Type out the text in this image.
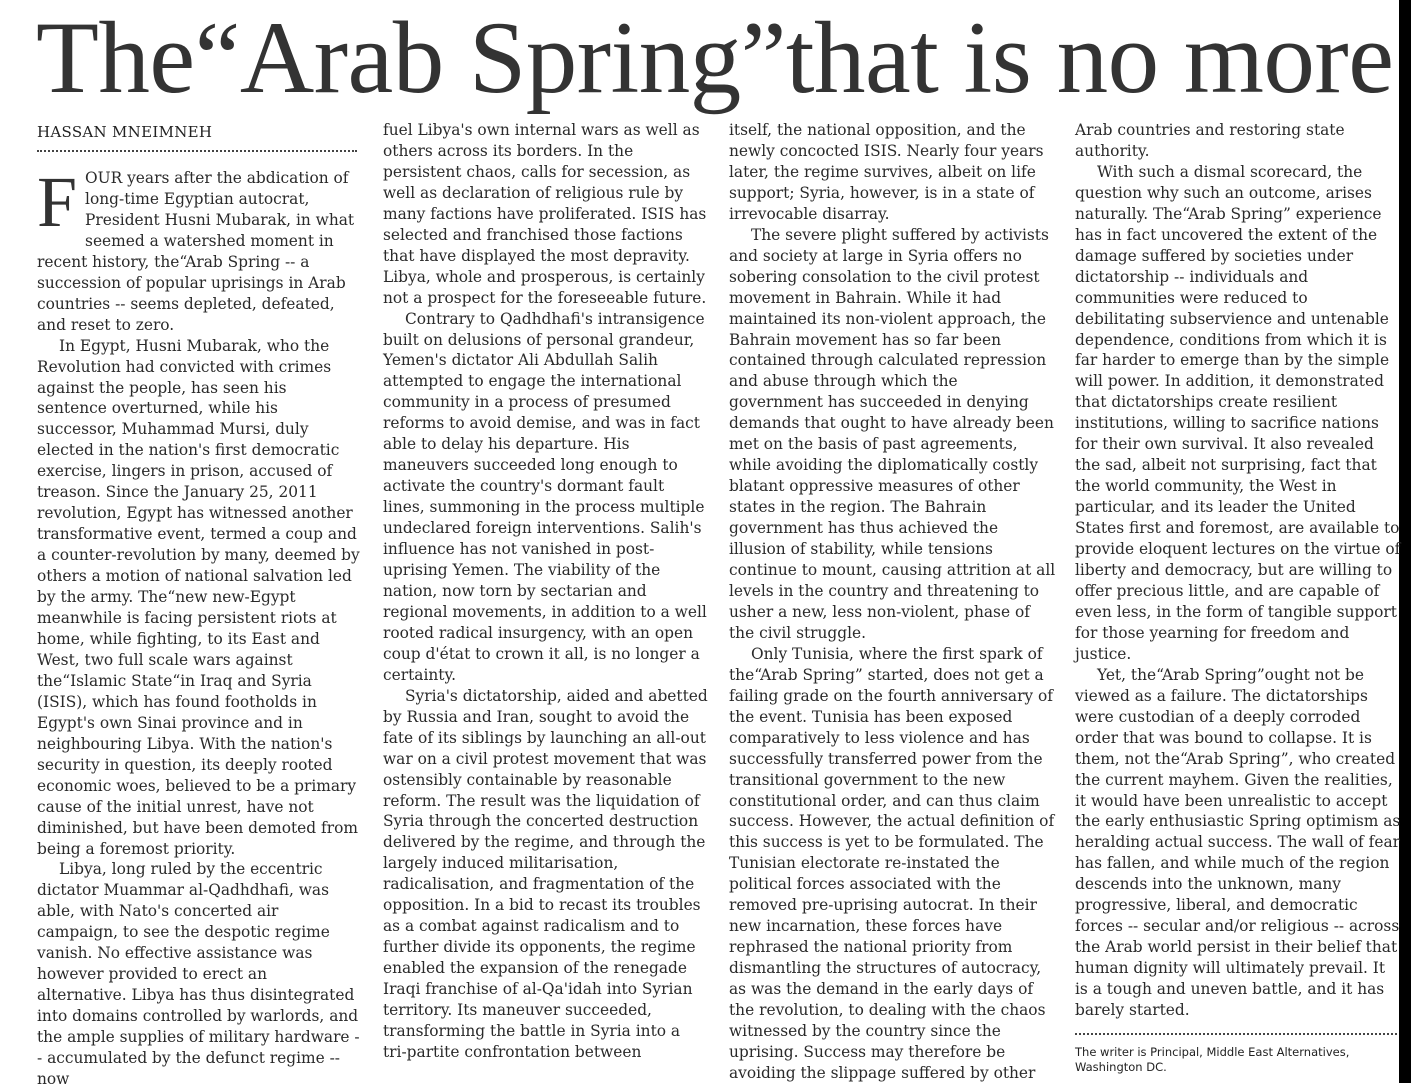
The“Arab Spring”that is no more
HASSAN MNEIMNEH

FOUR years after the abdication of long-time Egyptian autocrat, President Husni Mubarak, in what seemed a watershed moment in recent history, the“Arab Spring -- a succession of popular uprisings in Arab countries -- seems depleted, defeated, and reset to zero.

In Egypt, Husni Mubarak, who the Revolution had convicted with crimes against the people, has seen his sentence overturned, while his successor, Muhammad Mursi, duly elected in the nation's first democratic exercise, lingers in prison, accused of treason. Since the January 25, 2011 revolution, Egypt has witnessed another transformative event, termed a coup and a counter-revolution by many, deemed by others a motion of national salvation led by the army. The“new new-Egypt meanwhile is facing persistent riots at home, while fighting, to its East and West, two full scale wars against the“Islamic State“in Iraq and Syria (ISIS), which has found footholds in Egypt's own Sinai province and in neighbouring Libya. With the nation's security in question, its deeply rooted economic woes, believed to be a primary cause of the initial unrest, have not diminished, but have been demoted from being a foremost priority.

Libya, long ruled by the eccentric dictator Muammar al-Qadhdhafi, was able, with Nato's concerted air campaign, to see the despotic regime vanish. No effective assistance was however provided to erect an alternative. Libya has thus disintegrated into domains controlled by warlords, and the ample supplies of military hardware -- accumulated by the defunct regime -- now

fuel Libya's own internal wars as well as others across its borders. In the persistent chaos, calls for secession, as well as declaration of religious rule by many factions have proliferated. ISIS has selected and franchised those factions that have displayed the most depravity. Libya, whole and prosperous, is certainly not a prospect for the foreseeable future.

Contrary to Qadhdhafi's intransigence built on delusions of personal grandeur, Yemen's dictator Ali Abdullah Salih attempted to engage the international community in a process of presumed reforms to avoid demise, and was in fact able to delay his departure. His maneuvers succeeded long enough to activate the country's dormant fault lines, summoning in the process multiple undeclared foreign interventions. Salih's influence has not vanished in post-uprising Yemen. The viability of the nation, now torn by sectarian and regional movements, in addition to a well rooted radical insurgency, with an open coup d'état to crown it all, is no longer a certainty.

Syria's dictatorship, aided and abetted by Russia and Iran, sought to avoid the fate of its siblings by launching an all-out war on a civil protest movement that was ostensibly containable by reasonable reform. The result was the liquidation of Syria through the concerted destruction delivered by the regime, and through the largely induced militarisation, radicalisation, and fragmentation of the opposition. In a bid to recast its troubles as a combat against radicalism and to further divide its opponents, the regime enabled the expansion of the renegade Iraqi franchise of al-Qa'idah into Syrian territory. Its maneuver succeeded, transforming the battle in Syria into a tri-partite confrontation between

itself, the national opposition, and the newly concocted ISIS. Nearly four years later, the regime survives, albeit on life support; Syria, however, is in a state of irrevocable disarray.

The severe plight suffered by activists and society at large in Syria offers no sobering consolation to the civil protest movement in Bahrain. While it had maintained its non-violent approach, the Bahrain movement has so far been contained through calculated repression and abuse through which the government has succeeded in denying demands that ought to have already been met on the basis of past agreements, while avoiding the diplomatically costly blatant oppressive measures of other states in the region. The Bahrain government has thus achieved the illusion of stability, while tensions continue to mount, causing attrition at all levels in the country and threatening to usher a new, less non-violent, phase of the civil struggle.

Only Tunisia, where the first spark of the“Arab Spring” started, does not get a failing grade on the fourth anniversary of the event. Tunisia has been exposed comparatively to less violence and has successfully transferred power from the transitional government to the new constitutional order, and can thus claim success. However, the actual definition of this success is yet to be formulated. The Tunisian electorate re-instated the political forces associated with the removed pre-uprising autocrat. In their new incarnation, these forces have rephrased the national priority from dismantling the structures of autocracy, as was the demand in the early days of the revolution, to dealing with the chaos witnessed by the country since the uprising. Success may therefore be avoiding the slippage suffered by other

Arab countries and restoring state authority.

With such a dismal scorecard, the question why such an outcome, arises naturally. The“Arab Spring” experience has in fact uncovered the extent of the damage suffered by societies under dictatorship -- individuals and communities were reduced to debilitating subservience and untenable dependence, conditions from which it is far harder to emerge than by the simple will power. In addition, it demonstrated that dictatorships create resilient institutions, willing to sacrifice nations for their own survival. It also revealed the sad, albeit not surprising, fact that the world community, the West in particular, and its leader the United States first and foremost, are available to provide eloquent lectures on the virtue of liberty and democracy, but are willing to offer precious little, and are capable of even less, in the form of tangible support for those yearning for freedom and justice.

Yet, the“Arab Spring”ought not be viewed as a failure. The dictatorships were custodian of a deeply corroded order that was bound to collapse. It is them, not the“Arab Spring”, who created the current mayhem. Given the realities, it would have been unrealistic to accept the early enthusiastic Spring optimism as heralding actual success. The wall of fear has fallen, and while much of the region descends into the unknown, many progressive, liberal, and democratic forces -- secular and/or religious -- across the Arab world persist in their belief that human dignity will ultimately prevail. It is a tough and uneven battle, and it has barely started.

The writer is Principal, Middle East Alternatives, Washington DC.
